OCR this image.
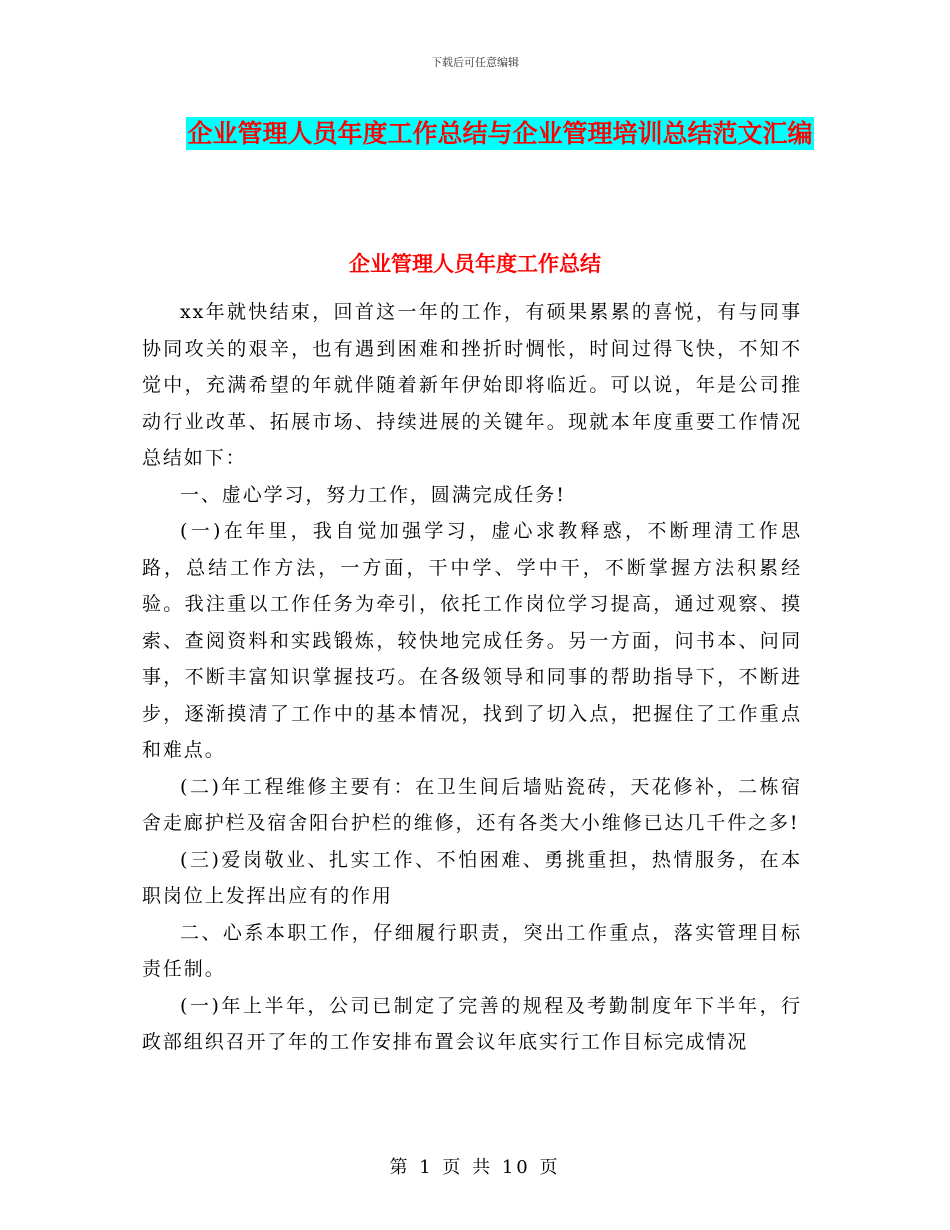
下载后可任意编辑
企业管理人员年度工作总结与企业管理培训总结范文汇编
企业管理人员年度工作总结

xx年就快结束，回首这一年的工作，有硕果累累的喜悦，有与同事协同攻关的艰辛，也有遇到困难和挫折时惆怅，时间过得飞快，不知不觉中，充满希望的年就伴随着新年伊始即将临近。可以说，年是公司推动行业改革、拓展市场、持续进展的关键年。现就本年度重要工作情况总结如下：

一、虚心学习，努力工作，圆满完成任务!

(一)在年里，我自觉加强学习，虚心求教释惑，不断理清工作思路，总结工作方法，一方面，干中学、学中干，不断掌握方法积累经验。我注重以工作任务为牵引，依托工作岗位学习提高，通过观察、摸索、查阅资料和实践锻炼，较快地完成任务。另一方面，问书本、问同事，不断丰富知识掌握技巧。在各级领导和同事的帮助指导下，不断进步，逐渐摸清了工作中的基本情况，找到了切入点，把握住了工作重点和难点。

(二)年工程维修主要有：在卫生间后墙贴瓷砖，天花修补，二栋宿舍走廊护栏及宿舍阳台护栏的维修，还有各类大小维修已达几千件之多!

(三)爱岗敬业、扎实工作、不怕困难、勇挑重担，热情服务，在本职岗位上发挥出应有的作用

二、心系本职工作，仔细履行职责，突出工作重点，落实管理目标责任制。

(一)年上半年，公司已制定了完善的规程及考勤制度年下半年，行政部组织召开了年的工作安排布置会议年底实行工作目标完成情况

第 1 页 共 10 页
